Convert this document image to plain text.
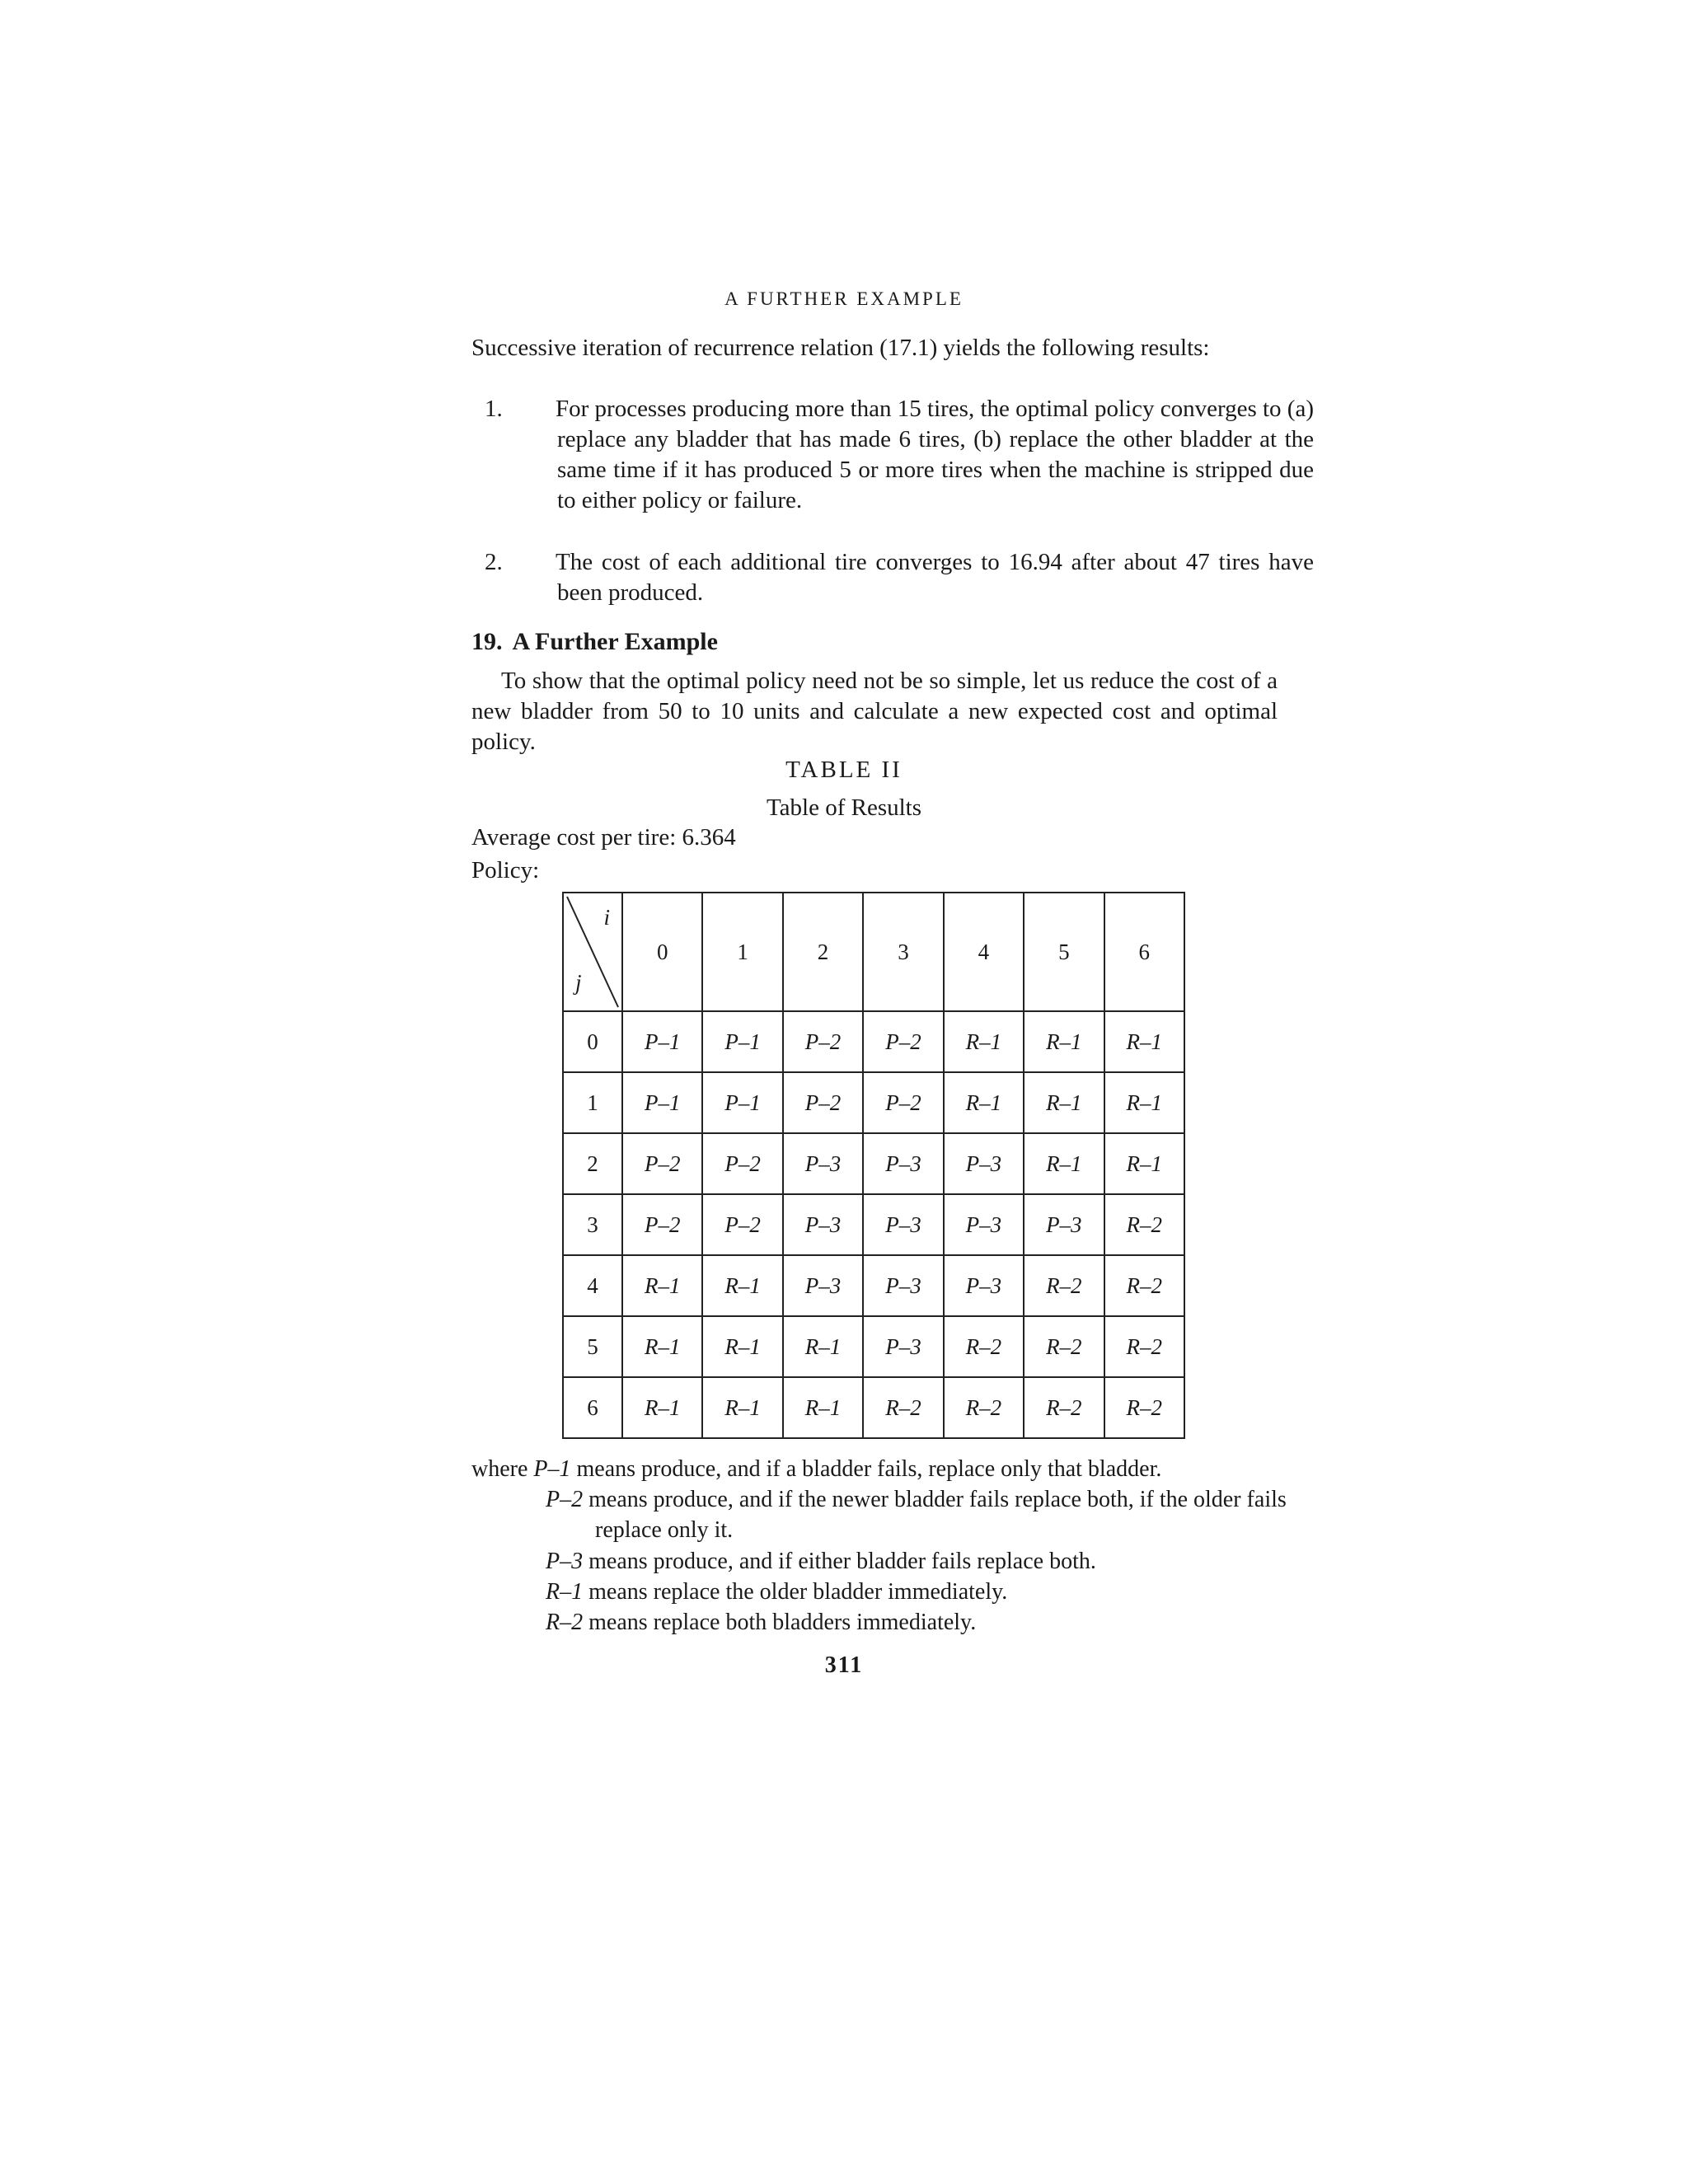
A FURTHER EXAMPLE
Successive iteration of recurrence relation (17.1) yields the following results:
1. For processes producing more than 15 tires, the optimal policy converges to (a) replace any bladder that has made 6 tires, (b) replace the other bladder at the same time if it has produced 5 or more tires when the machine is stripped due to either policy or failure.
2. The cost of each additional tire converges to 16.94 after about 47 tires have been produced.
19. A Further Example
To show that the optimal policy need not be so simple, let us reduce the cost of a new bladder from 50 to 10 units and calculate a new expected cost and optimal policy.
TABLE II
Table of Results
Average cost per tire: 6.364
Policy:
i
j	0	1	2	3	4	5	6
0	P–1	P–1	P–2	P–2	R–1	R–1	R–1
1	P–1	P–1	P–2	P–2	R–1	R–1	R–1
2	P–2	P–2	P–3	P–3	P–3	R–1	R–1
3	P–2	P–2	P–3	P–3	P–3	P–3	R–2
4	R–1	R–1	P–3	P–3	P–3	R–2	R–2
5	R–1	R–1	R–1	P–3	R–2	R–2	R–2
6	R–1	R–1	R–1	R–2	R–2	R–2	R–2
where P–1 means produce, and if a bladder fails, replace only that bladder.
P–2 means produce, and if the newer bladder fails replace both, if the older fails replace only it.
P–3 means produce, and if either bladder fails replace both.
R–1 means replace the older bladder immediately.
R–2 means replace both bladders immediately.
311
